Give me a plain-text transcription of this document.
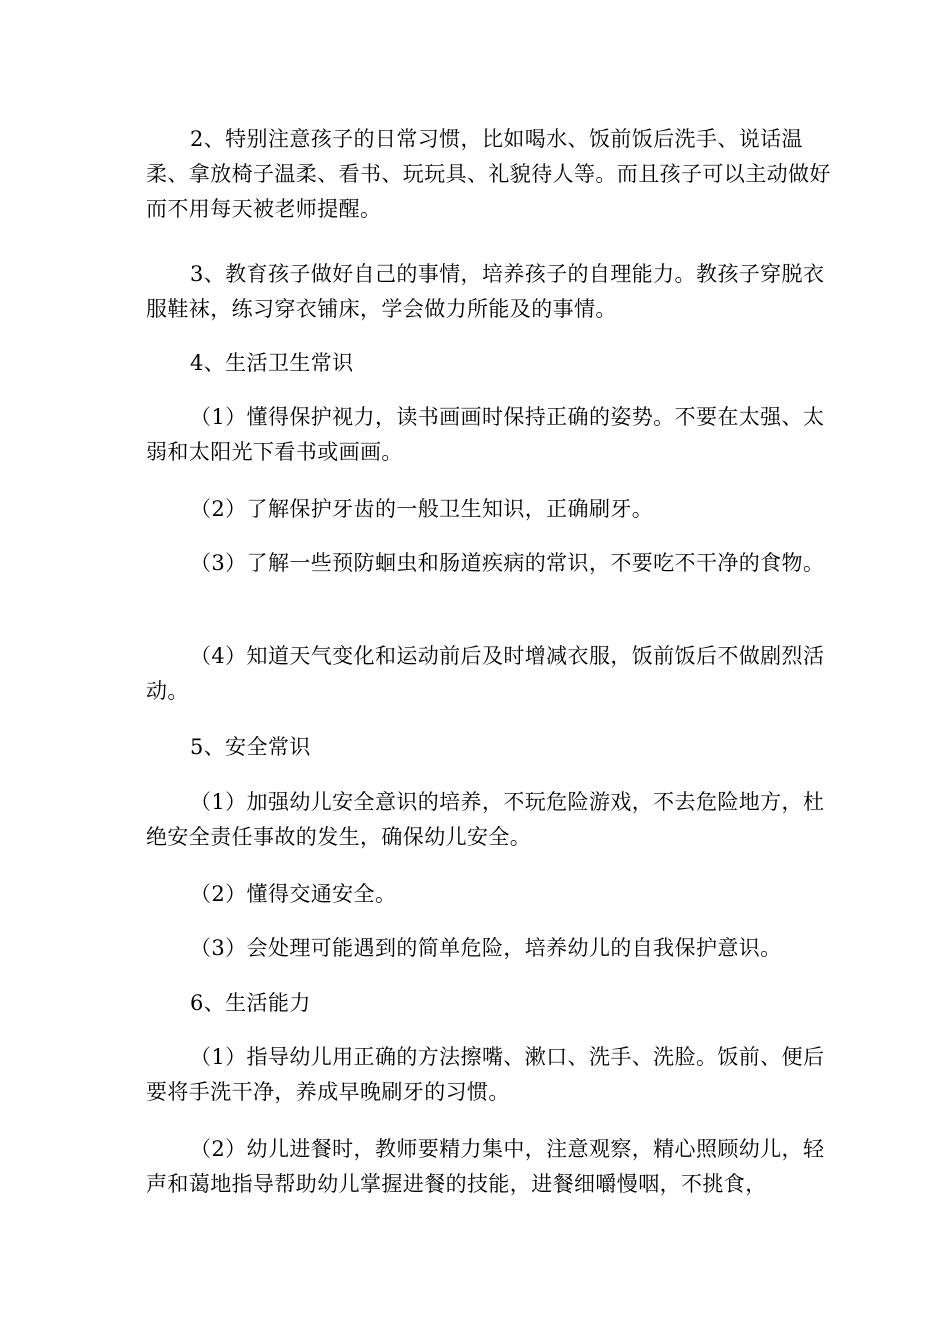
2、特别注意孩子的日常习惯，比如喝水、饭前饭后洗手、说话温柔、拿放椅子温柔、看书、玩玩具、礼貌待人等。而且孩子可以主动做好而不用每天被老师提醒。

3、教育孩子做好自己的事情，培养孩子的自理能力。教孩子穿脱衣服鞋袜，练习穿衣铺床，学会做力所能及的事情。

4、生活卫生常识

（1）懂得保护视力，读书画画时保持正确的姿势。不要在太强、太弱和太阳光下看书或画画。

（2）了解保护牙齿的一般卫生知识，正确刷牙。

（3）了解一些预防蛔虫和肠道疾病的常识，不要吃不干净的食物。

（4）知道天气变化和运动前后及时增减衣服，饭前饭后不做剧烈活动。

5、安全常识

（1）加强幼儿安全意识的培养，不玩危险游戏，不去危险地方，杜绝安全责任事故的发生，确保幼儿安全。

（2）懂得交通安全。

（3）会处理可能遇到的简单危险，培养幼儿的自我保护意识。

6、生活能力

（1）指导幼儿用正确的方法擦嘴、漱口、洗手、洗脸。饭前、便后要将手洗干净，养成早晚刷牙的习惯。

（2）幼儿进餐时，教师要精力集中，注意观察，精心照顾幼儿，轻声和蔼地指导帮助幼儿掌握进餐的技能，进餐细嚼慢咽，不挑食，
